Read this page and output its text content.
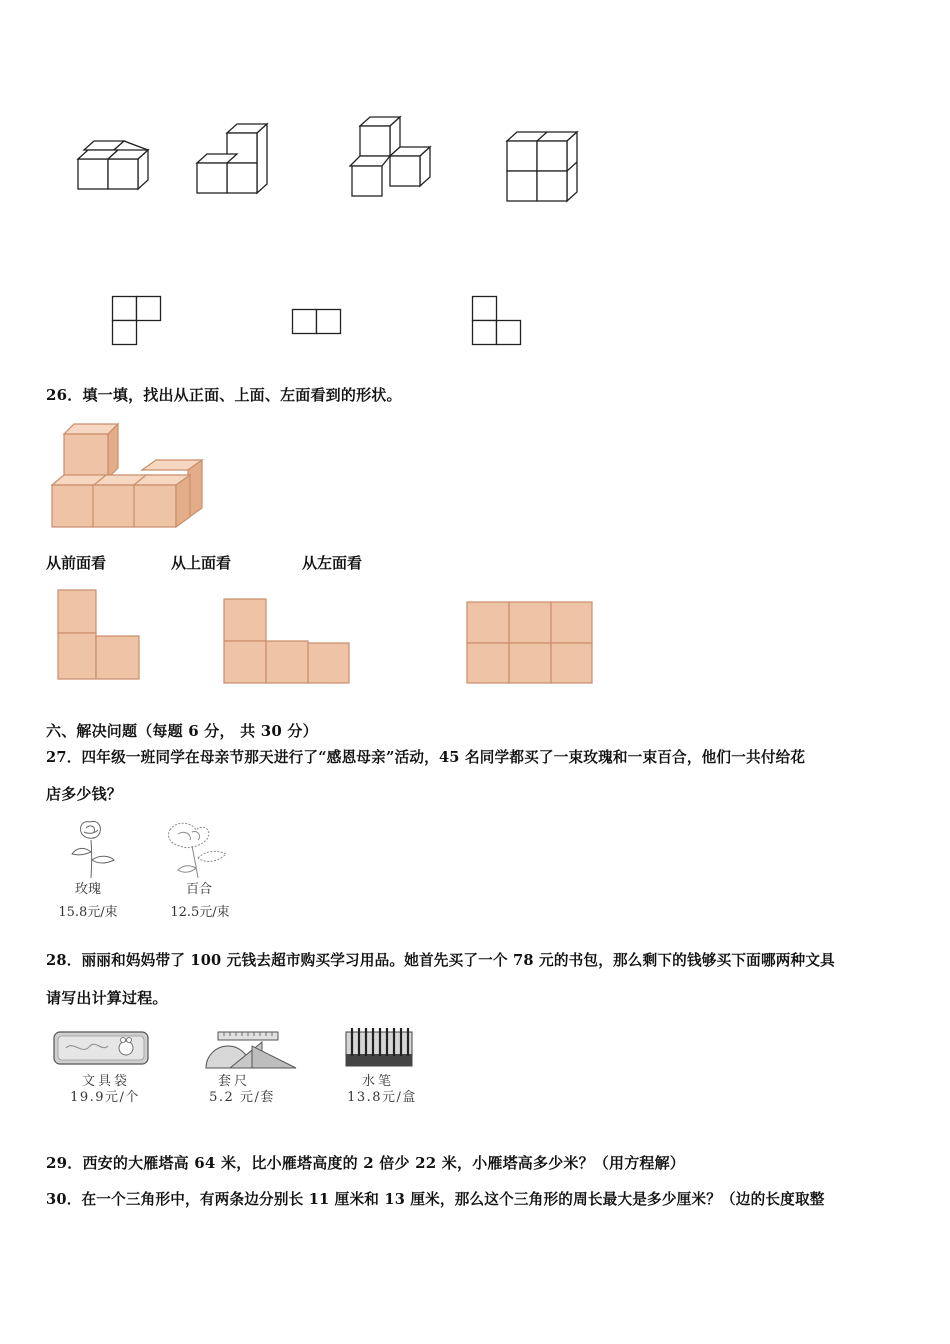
26．填一填，找出从正面、上面、左面看到的形状。
从前面看	从上面看	从左面看
六、解决问题（每题 6 分， 共 30 分）
27．四年级一班同学在母亲节那天进行了“感恩母亲”活动，45 名同学都买了一束玫瑰和一束百合，他们一共付给花
店多少钱？
玫瑰
15.8元/束
百合
12.5元/束
28．丽丽和妈妈带了 100 元钱去超市购买学习用品。她首先买了一个 78 元的书包，那么剩下的钱够买下面哪两种文具
请写出计算过程。
文具袋
19.9元/个
套尺
5.2 元/套
水笔
13.8元/盒
29．西安的大雁塔高 64 米，比小雁塔高度的 2 倍少 22 米，小雁塔高多少米？（用方程解）
30．在一个三角形中，有两条边分别长 11 厘米和 13 厘米，那么这个三角形的周长最大是多少厘米？（边的长度取整
